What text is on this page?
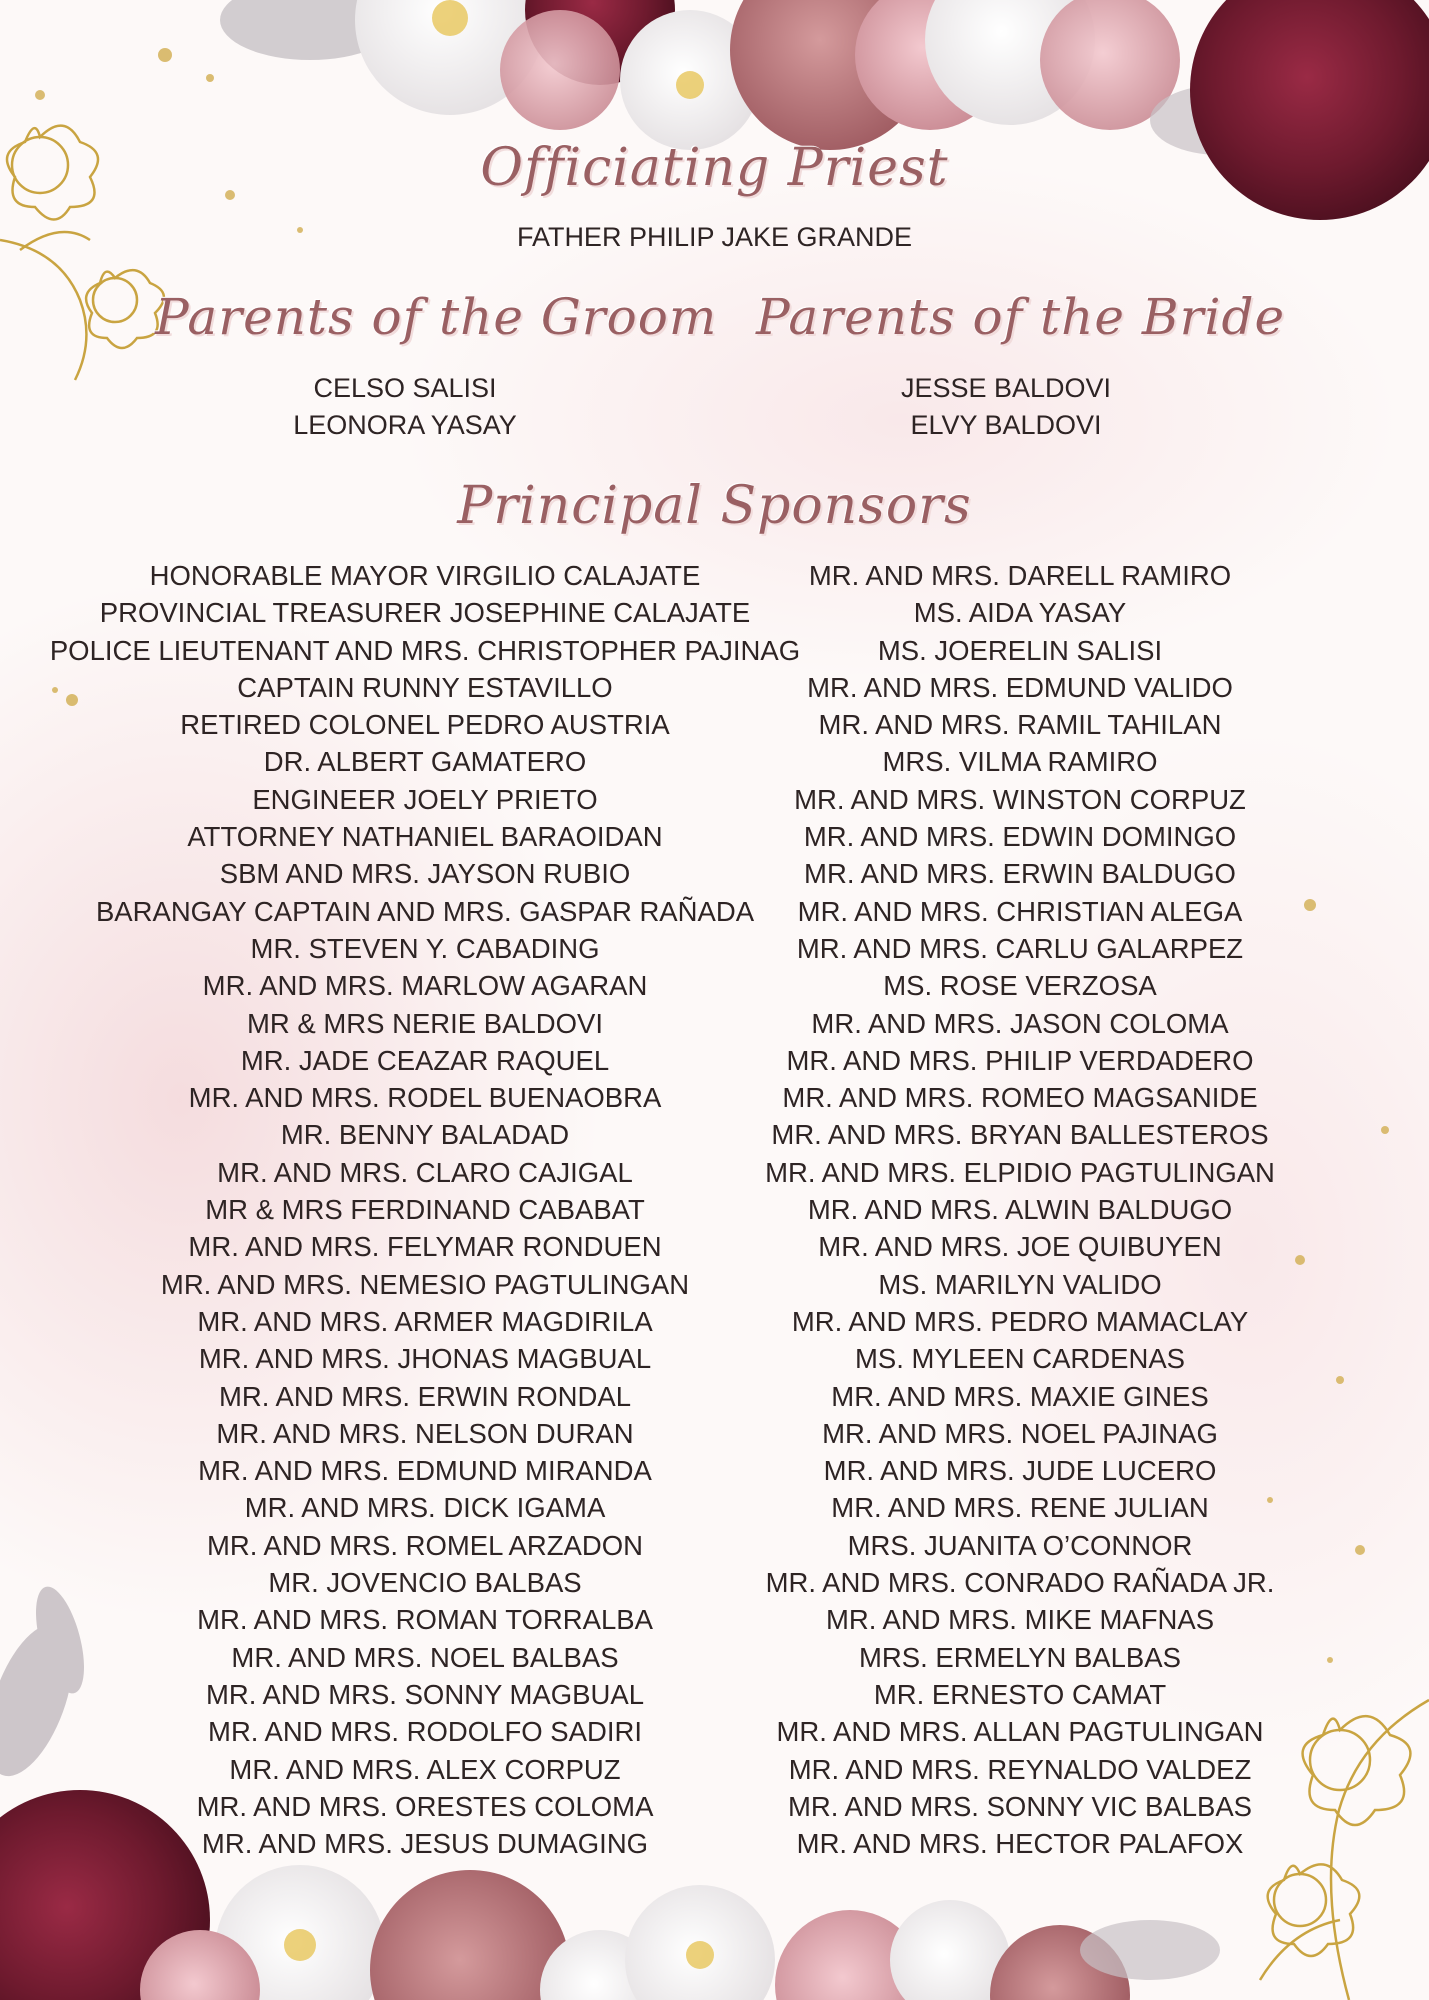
Officiating Priest
FATHER PHILIP JAKE GRANDE
Parents of the Groom
CELSO SALISI
LEONORA YASAY
Parents of the Bride
JESSE BALDOVI
ELVY BALDOVI
Principal Sponsors
HONORABLE MAYOR VIRGILIO CALAJATE
PROVINCIAL TREASURER JOSEPHINE CALAJATE
POLICE LIEUTENANT AND MRS. CHRISTOPHER PAJINAG
CAPTAIN RUNNY ESTAVILLO
RETIRED COLONEL PEDRO AUSTRIA
DR. ALBERT GAMATERO
ENGINEER JOELY PRIETO
ATTORNEY NATHANIEL BARAOIDAN
SBM AND MRS. JAYSON RUBIO
BARANGAY CAPTAIN AND MRS. GASPAR RAÑADA
MR. STEVEN Y. CABADING
MR. AND MRS. MARLOW AGARAN
MR & MRS NERIE BALDOVI
MR. JADE CEAZAR RAQUEL
MR. AND MRS. RODEL BUENAOBRA
MR. BENNY BALADAD
MR. AND MRS. CLARO CAJIGAL
MR & MRS FERDINAND CABABAT
MR. AND MRS. FELYMAR RONDUEN
MR. AND MRS. NEMESIO PAGTULINGAN
MR. AND MRS. ARMER MAGDIRILA
MR. AND MRS. JHONAS MAGBUAL
MR. AND MRS. ERWIN RONDAL
MR. AND MRS. NELSON DURAN
MR. AND MRS. EDMUND MIRANDA
MR. AND MRS. DICK IGAMA
MR. AND MRS. ROMEL ARZADON
MR. JOVENCIO BALBAS
MR. AND MRS. ROMAN TORRALBA
MR. AND MRS. NOEL BALBAS
MR. AND MRS. SONNY MAGBUAL
MR. AND MRS. RODOLFO SADIRI
MR. AND MRS. ALEX CORPUZ
MR. AND MRS. ORESTES COLOMA
MR. AND MRS. JESUS DUMAGING
MR. AND MRS. DARELL RAMIRO
MS. AIDA YASAY
MS. JOERELIN SALISI
MR. AND MRS. EDMUND VALIDO
MR. AND MRS. RAMIL TAHILAN
MRS. VILMA RAMIRO
MR. AND MRS. WINSTON CORPUZ
MR. AND MRS. EDWIN DOMINGO
MR. AND MRS. ERWIN BALDUGO
MR. AND MRS. CHRISTIAN ALEGA
MR. AND MRS. CARLU GALARPEZ
MS. ROSE VERZOSA
MR. AND MRS. JASON COLOMA
MR. AND MRS. PHILIP VERDADERO
MR. AND MRS. ROMEO MAGSANIDE
MR. AND MRS. BRYAN BALLESTEROS
MR. AND MRS. ELPIDIO PAGTULINGAN
MR. AND MRS. ALWIN BALDUGO
MR. AND MRS. JOE QUIBUYEN
MS. MARILYN VALIDO
MR. AND MRS. PEDRO MAMACLAY
MS. MYLEEN CARDENAS
MR. AND MRS. MAXIE GINES
MR. AND MRS. NOEL PAJINAG
MR. AND MRS. JUDE LUCERO
MR. AND MRS. RENE JULIAN
MRS. JUANITA O’CONNOR
MR. AND MRS. CONRADO RAÑADA JR.
MR. AND MRS. MIKE MAFNAS
MRS. ERMELYN BALBAS
MR. ERNESTO CAMAT
MR. AND MRS. ALLAN PAGTULINGAN
MR. AND MRS. REYNALDO VALDEZ
MR. AND MRS. SONNY VIC BALBAS
MR. AND MRS. HECTOR PALAFOX
